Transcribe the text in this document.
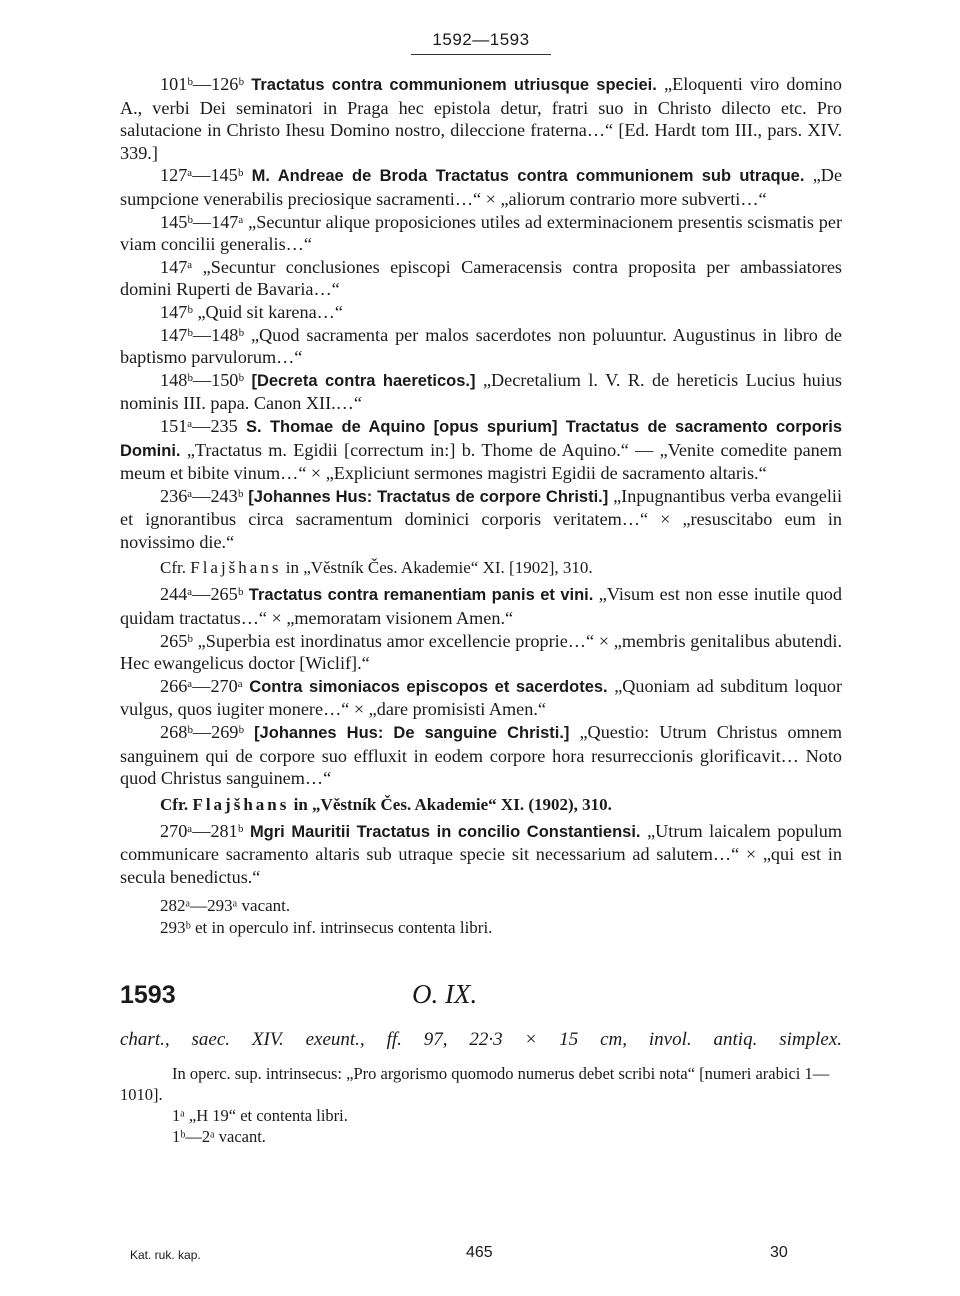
1592—1593

101ᵇ—126ᵇ Tractatus contra communionem utriusque speciei. „Eloquenti viro domino A., verbi Dei seminatori in Praga hec epistola detur, fratri suo in Christo dilecto etc. Pro salutacione in Christo Ihesu Domino nostro, dileccione fraterna…“ [Ed. Hardt tom III., pars. XIV. 339.]

127ᵃ—145ᵇ M. Andreae de Broda Tractatus contra communionem sub utraque. „De sumpcione venerabilis preciosique sacramenti…“ × „aliorum contrario more subverti…“

145ᵇ—147ᵃ „Secuntur alique proposiciones utiles ad exterminacionem presentis scismatis per viam concilii generalis…“

147ᵃ „Secuntur conclusiones episcopi Cameracensis contra proposita per ambassiatores domini Ruperti de Bavaria…“

147ᵇ „Quid sit karena…“

147ᵇ—148ᵇ „Quod sacramenta per malos sacerdotes non poluuntur. Augustinus in libro de baptismo parvulorum…“

148ᵇ—150ᵇ [Decreta contra haereticos.] „Decretalium l. V. R. de hereticis Lucius huius nominis III. papa. Canon XII.…“

151ᵃ—235 S. Thomae de Aquino [opus spurium] Tractatus de sacramento corporis Domini. „Tractatus m. Egidii [correctum in:] b. Thome de Aquino.“ — „Venite comedite panem meum et bibite vinum…“ × „Expliciunt sermones magistri Egidii de sacramento altaris.“

236ᵃ—243ᵇ [Johannes Hus: Tractatus de corpore Christi.] „Inpugnantibus verba evangelii et ignorantibus circa sacramentum dominici corporis veritatem…“ × „resuscitabo eum in novissimo die.“

Cfr. Flajšhans in „Věstník Čes. Akademie“ XI. [1902], 310.

244ᵃ—265ᵇ Tractatus contra remanentiam panis et vini. „Visum est non esse inutile quod quidam tractatus…“ × „memoratam visionem Amen.“

265ᵇ „Superbia est inordinatus amor excellencie proprie…“ × „membris genitalibus abutendi. Hec ewangelicus doctor [Wiclif].“

266ᵃ—270ᵃ Contra simoniacos episcopos et sacerdotes. „Quoniam ad subditum loquor vulgus, quos iugiter monere…“ × „dare promisisti Amen.“

268ᵇ—269ᵇ [Johannes Hus: De sanguine Christi.] „Questio: Utrum Christus omnem sanguinem qui de corpore suo effluxit in eodem corpore hora resurreccionis glorificavit… Noto quod Christus sanguinem…“

Cfr. Flajšhans in „Věstník Čes. Akademie“ XI. (1902), 310.

270ᵃ—281ᵇ Mgri Mauritii Tractatus in concilio Constantiensi. „Utrum laicalem populum communicare sacramento altaris sub utraque specie sit necessarium ad salutem…“ × „qui est in secula benedictus.“

282ᵃ—293ᵃ vacant.

293ᵇ et in operculo inf. intrinsecus contenta libri.

1593	O. IX.

chart., saec. XIV. exeunt., ff. 97, 22·3 × 15 cm, invol. antiq. simplex.

In operc. sup. intrinsecus: „Pro argorismo quomodo numerus debet scribi nota“ [numeri arabici 1—1010].

1ᵃ „H 19“ et contenta libri.

1ᵇ—2ᵃ vacant.

Kat. ruk. kap.	465	30
